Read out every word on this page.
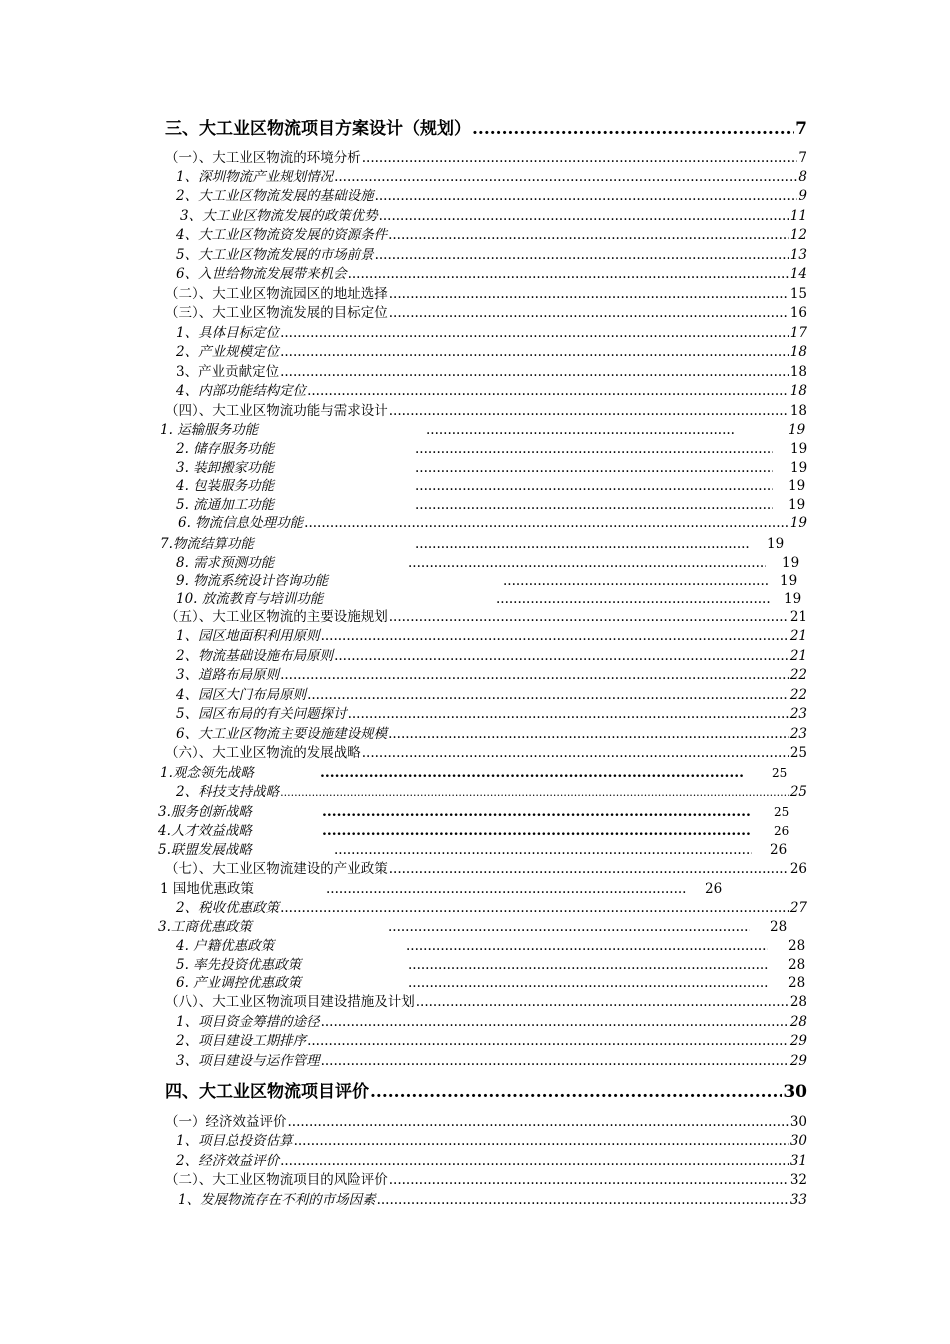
三、大工业区物流项目方案设计（规划） .....	7
（一）、大工业区物流的环境分析 .....	7
1、深圳物流产业规划情况 .....	8
2、大工业区物流发展的基础设施 .....	9
3、大工业区物流发展的政策优势 .....	11
4、大工业区物流资发展的资源条件 .....	12
5、大工业区物流发展的市场前景 .....	13
6、入世给物流发展带来机会 .....	14
（二）、大工业区物流园区的地址选择 .....	15
（三）、大工业区物流发展的目标定位 .....	16
1、具体目标定位 .....	17
2、产业规模定位 .....	18
3、产业贡献定位 .....	18
4、内部功能结构定位 .....	18
（四）、大工业区物流功能与需求设计 .....	18
1. 运输服务功能 .....	19
2. 储存服务功能 .....	19
3. 装卸搬家功能 .....	19
4. 包装服务功能 .....	19
5. 流通加工功能 .....	19
6. 物流信息处理功能 .....	19
7.物流结算功能 .....	19
8. 需求预测功能 .....	19
9. 物流系统设计咨询功能 .....	19
10. 放流教育与培训功能 .....	19
（五）、大工业区物流的主要设施规划 .....	21
1、园区地面积利用原则 .....	21
2、物流基础设施布局原则 .....	21
3、道路布局原则 .....	22
4、园区大门布局原则 .....	22
5、园区布局的有关问题探讨 .....	23
6、大工业区物流主要设施建设规模 .....	23
（六）、大工业区物流的发展战略 .....	25
1.观念领先战略 .....	25
2、科技支持战略 .....	25
3.服务创新战略 .....	25
4.人才效益战略 .....	26
5.联盟发展战略 .....	26
（七）、大工业区物流建设的产业政策 .....	26
1 国地优惠政策 .....	26
2、税收优惠政策 .....	27
3.工商优惠政策 .....	28
4. 户籍优惠政策 .....	28
5. 率先投资优惠政策 .....	28
6. 产业调控优惠政策 .....	28
（八）、大工业区物流项目建设措施及计划 .....	28
1、项目资金筹措的途径 .....	28
2、项目建设工期排序 .....	29
3、项目建设与运作管理 .....	29
四、大工业区物流项目评价 .....	30
（一）经济效益评价 .....	30
1、项目总投资估算 .....	30
2、经济效益评价 .....	31
（二）、大工业区物流项目的风险评价 .....	32
1、发展物流存在不利的市场因素 .....	33
